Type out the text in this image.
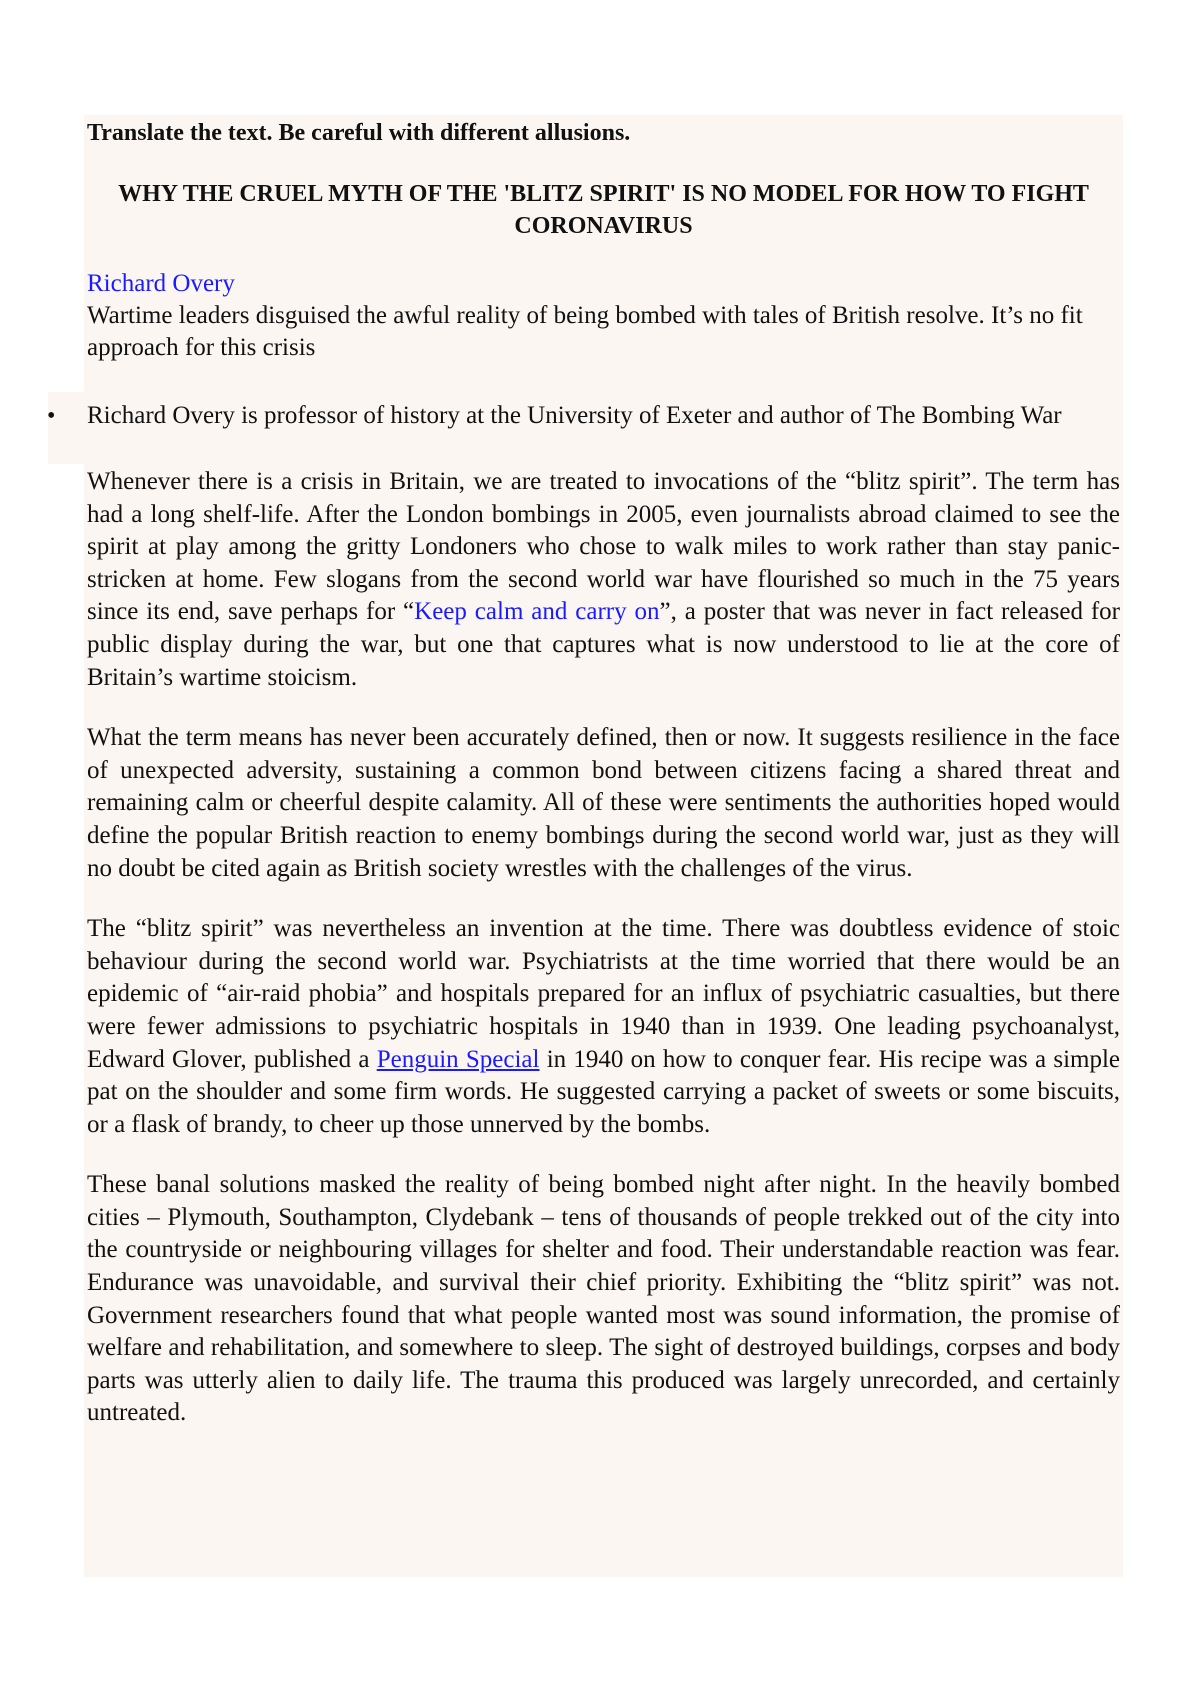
Translate the text. Be careful with different allusions.

WHY THE CRUEL MYTH OF THE 'BLITZ SPIRIT' IS NO MODEL FOR HOW TO FIGHT CORONAVIRUS

Richard Overy

Wartime leaders disguised the awful reality of being bombed with tales of British resolve. It’s no fit approach for this crisis

•	Richard Overy is professor of history at the University of Exeter and author of The Bombing War

Whenever there is a crisis in Britain, we are treated to invocations of the “blitz spirit”. The term has had a long shelf-life. After the London bombings in 2005, even journalists abroad claimed to see the spirit at play among the gritty Londoners who chose to walk miles to work rather than stay panic-stricken at home. Few slogans from the second world war have flourished so much in the 75 years since its end, save perhaps for “Keep calm and carry on”, a poster that was never in fact released for public display during the war, but one that captures what is now understood to lie at the core of Britain’s wartime stoicism.

What the term means has never been accurately defined, then or now. It suggests resilience in the face of unexpected adversity, sustaining a common bond between citizens facing a shared threat and remaining calm or cheerful despite calamity. All of these were sentiments the authorities hoped would define the popular British reaction to enemy bombings during the second world war, just as they will no doubt be cited again as British society wrestles with the challenges of the virus.

The “blitz spirit” was nevertheless an invention at the time. There was doubtless evidence of stoic behaviour during the second world war. Psychiatrists at the time worried that there would be an epidemic of “air-raid phobia” and hospitals prepared for an influx of psychiatric casualties, but there were fewer admissions to psychiatric hospitals in 1940 than in 1939. One leading psychoanalyst, Edward Glover, published a Penguin Special in 1940 on how to conquer fear. His recipe was a simple pat on the shoulder and some firm words. He suggested carrying a packet of sweets or some biscuits, or a flask of brandy, to cheer up those unnerved by the bombs.

These banal solutions masked the reality of being bombed night after night. In the heavily bombed cities – Plymouth, Southampton, Clydebank – tens of thousands of people trekked out of the city into the countryside or neighbouring villages for shelter and food. Their understandable reaction was fear. Endurance was unavoidable, and survival their chief priority. Exhibiting the “blitz spirit” was not. Government researchers found that what people wanted most was sound information, the promise of welfare and rehabilitation, and somewhere to sleep. The sight of destroyed buildings, corpses and body parts was utterly alien to daily life. The trauma this produced was largely unrecorded, and certainly untreated.
